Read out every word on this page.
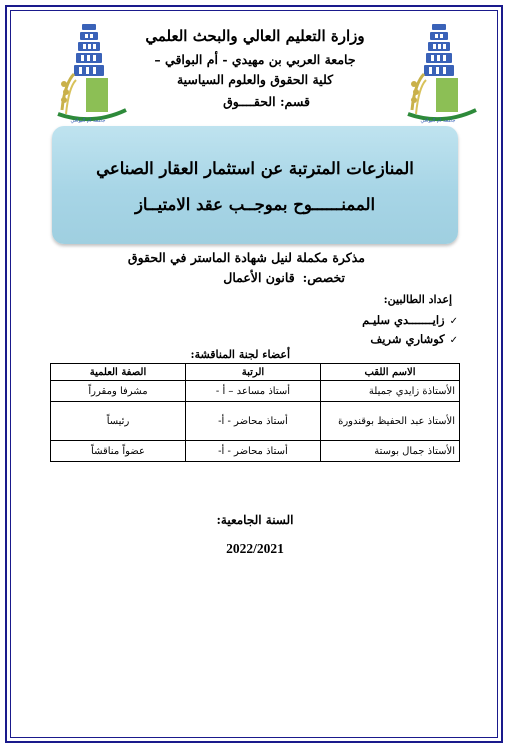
جامعة أم البواقي	جامعة أم البواقي
وزارة التعليم العالي والبحث العلمي
جامعة العربي بن مهيدي - أم البواقي –
كلية الحقوق والعلوم السياسية
قسم: الحقــــوق
المنازعات المترتبة عن استثمار العقار الصناعي
الممنــــــوح بموجــب عقد الامتيــاز
مذكرة مكملة لنيل شهادة الماستر في الحقوق
تخصص:قانون الأعمال
إعداد الطالبين:
✓زايـــــــدي سليـم
✓كوشاري شريف
أعضاء لجنة المناقشة:
الاسم اللقب	الرتبة	الصفة العلمية
الأستاذة زايدي جميلة	أستاذ مساعد – أ -	مشرفا ومقرراً
الأستاذ عبد الحفيظ بوقندورة	أستاذ محاضر - أ-	رئيساً
الأستاذ جمال بوستة	أستاذ محاضر - أ-	عضواً مناقشاً
السنة الجامعية:
2022/2021
